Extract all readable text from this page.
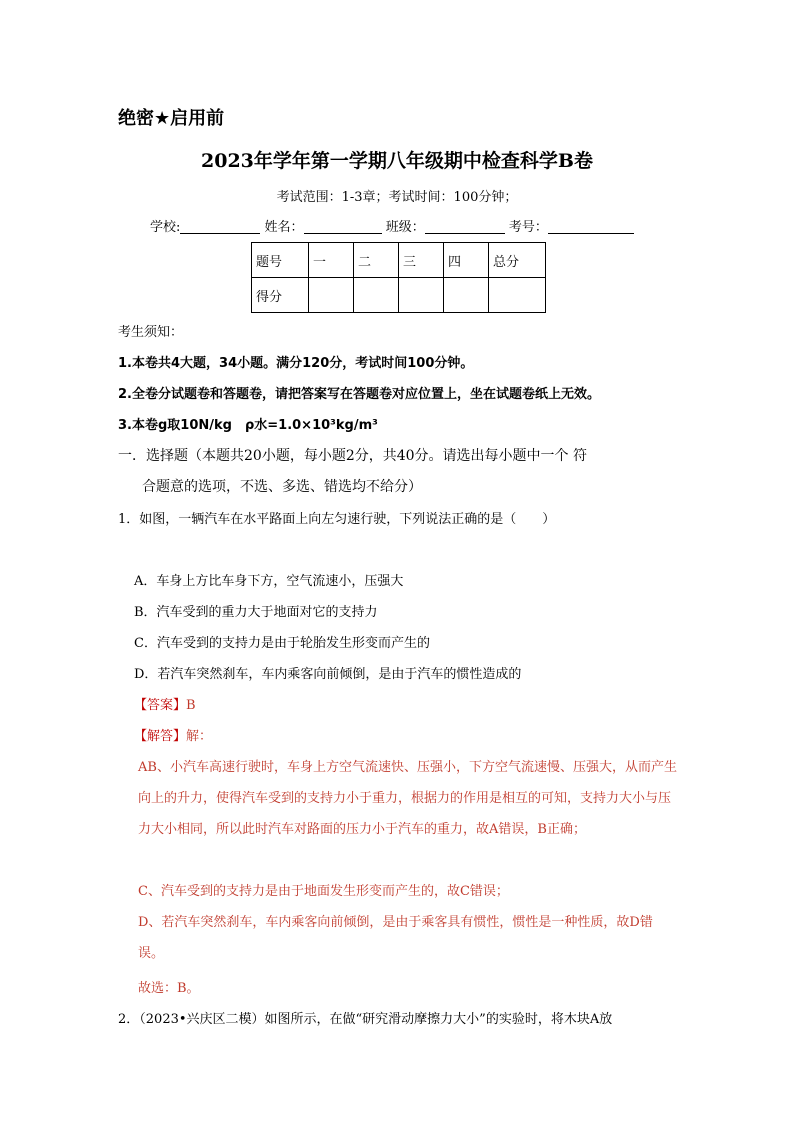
绝密★启用前
2023年学年第一学期八年级期中检查科学B卷
考试范围：1-3章；考试时间：100分钟；
学校:	姓名：	班级：	考号：
题号	一	二	三	四	总分
得分					
考生须知：
1.本卷共4大题，34小题。满分120分，考试时间100分钟。
2.全卷分试题卷和答题卷，请把答案写在答题卷对应位置上，坐在试题卷纸上无效。
3.本卷g取10N/kg　ρ水=1.0×10³kg/m³
一．选择题（本题共20小题，每小题2分，共40分。请选出每小题中一个 符
合题意的选项，不选、多选、错选均不给分）
1．如图，一辆汽车在水平路面上向左匀速行驶，下列说法正确的是（　　）
A．车身上方比车身下方，空气流速小，压强大
B．汽车受到的重力大于地面对它的支持力
C．汽车受到的支持力是由于轮胎发生形变而产生的
D．若汽车突然刹车，车内乘客向前倾倒，是由于汽车的惯性造成的
【答案】B
【解答】解：
AB、小汽车高速行驶时，车身上方空气流速快、压强小，下方空气流速慢、压强大，从而产生向上的升力，使得汽车受到的支持力小于重力，根据力的作用是相互的可知，支持力大小与压力大小相同，所以此时汽车对路面的压力小于汽车的重力，故A错误，B正确；
C、汽车受到的支持力是由于地面发生形变而产生的，故C错误；
D、若汽车突然刹车，车内乘客向前倾倒，是由于乘客具有惯性，惯性是一种性质，故D错误。
故选：B。
2．（2023•兴庆区二模）如图所示，在做“研究滑动摩擦力大小”的实验时，将木块A放
